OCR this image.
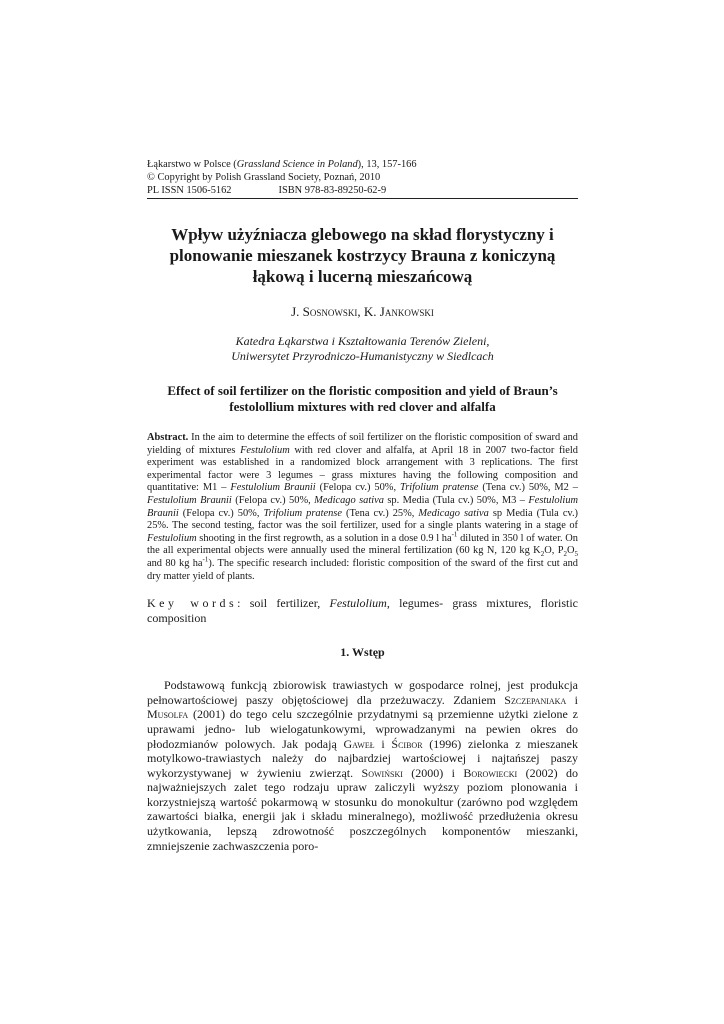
Łąkarstwo w Polsce (Grassland Science in Poland), 13, 157-166
© Copyright by Polish Grassland Society, Poznań, 2010
PL ISSN 1506-5162	ISBN 978-83-89250-62-9
Wpływ użyźniacza glebowego na skład florystyczny i plonowanie mieszanek kostrzycy Brauna z koniczyną łąkową i lucerną mieszańcową
J. Sosnowski, K. Jankowski
Katedra Łąkarstwa i Kształtowania Terenów Zieleni,
Uniwersytet Przyrodniczo-Humanistyczny w Siedlcach
Effect of soil fertilizer on the floristic composition and yield of Braun’s festolollium mixtures with red clover and alfalfa
Abstract. In the aim to determine the effects of soil fertilizer on the floristic composition of sward and yielding of mixtures Festulolium with red clover and alfalfa, at April 18 in 2007 two-factor field experiment was established in a randomized block arrangement with 3 replications. The first experimental factor were 3 legumes – grass mixtures having the following composition and quantitative: M1 – Festulolium Braunii (Felopa cv.) 50%, Trifolium pratense (Tena cv.) 50%, M2 – Festulolium Braunii (Felopa cv.) 50%, Medicago sativa sp. Media (Tula cv.) 50%, M3 – Festulolium Braunii (Felopa cv.) 50%, Trifolium pratense (Tena cv.) 25%, Medicago sativa sp Media (Tula cv.) 25%. The second testing, factor was the soil fertilizer, used for a single plants watering in a stage of Festulolium shooting in the first regrowth, as a solution in a dose 0.9 l $ha^{-1}$ diluted in 350 l of water. On the all experimental objects were annually used the mineral fertilization (60 kg N, 120 kg $K_2O$, $P_2O_5$ and 80 kg $ha^{-1}$). The specific research included: floristic composition of the sward of the first cut and dry matter yield of plants.
Key words: soil fertilizer, Festulolium, legumes- grass mixtures, floristic composition
1. Wstęp
Podstawową funkcją zbiorowisk trawiastych w gospodarce rolnej, jest produkcja pełnowartościowej paszy objętościowej dla przeżuwaczy. Zdaniem Szczepaniaka i Musolfa (2001) do tego celu szczególnie przydatnymi są przemienne użytki zielone z uprawami jedno- lub wielogatunkowymi, wprowadzanymi na pewien okres do płodozmianów polowych. Jak podają Gaweł i Ścibor (1996) zielonka z mieszanek motylkowo-trawiastych należy do najbardziej wartościowej i najtańszej paszy wykorzystywanej w żywieniu zwierząt. Sowiński (2000) i Borowiecki (2002) do najważniejszych zalet tego rodzaju upraw zaliczyli wyższy poziom plonowania i korzystniejszą wartość pokarmową w stosunku do monokultur (zarówno pod względem zawartości białka, energii jak i składu mineralnego), możliwość przedłużenia okresu użytkowania, lepszą zdrowotność poszczególnych komponentów mieszanki, zmniejszenie zachwaszczenia poro-
